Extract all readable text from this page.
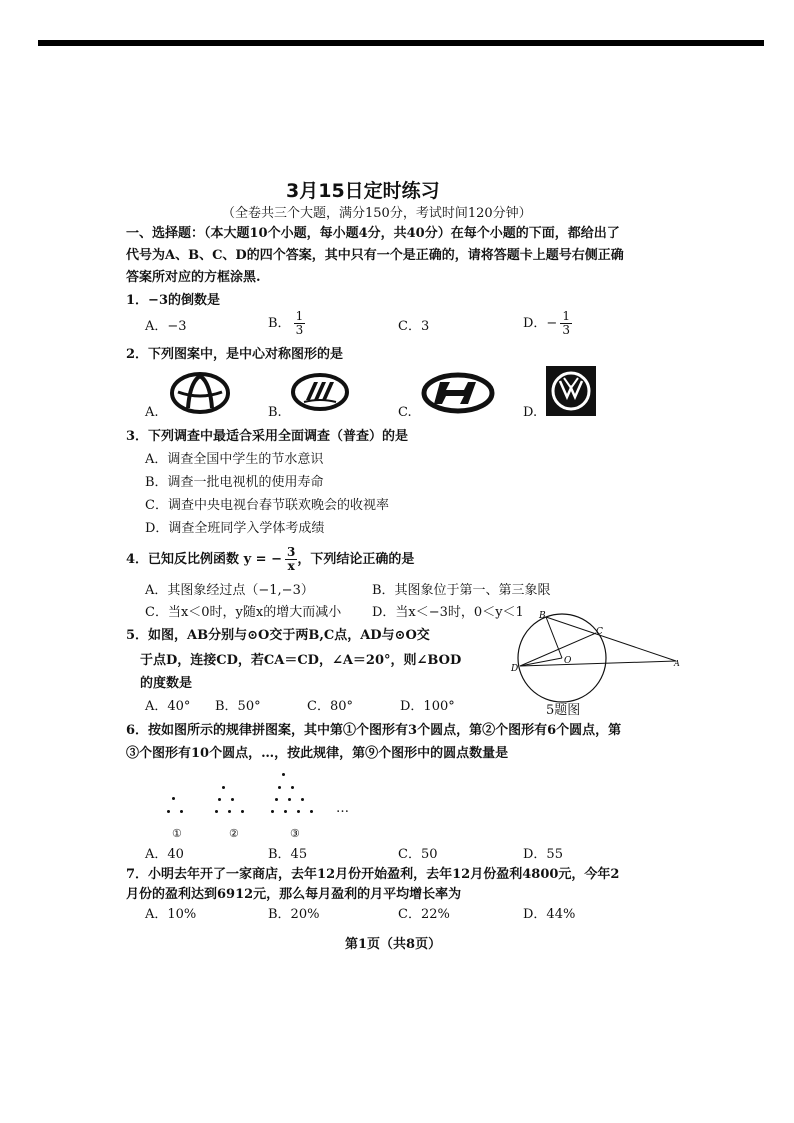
3月15日定时练习
（全卷共三个大题，满分150分，考试时间120分钟）
一、选择题：（本大题10个小题，每小题4分，共40分）在每个小题的下面，都给出了
代号为A、B、C、D的四个答案，其中只有一个是正确的，请将答题卡上题号右侧正确
答案所对应的方框涂黑.
1．−3的倒数是
A．−3	B． $\frac{1}{3}$	C．3	D．− $\frac{1}{3}$
2．下列图案中，是中心对称图形的是
A.	B.	C.	D.
3．下列调查中最适合采用全面调查（普查）的是
A．调查全国中学生的节水意识
B．调查一批电视机的使用寿命
C．调查中央电视台春节联欢晚会的收视率
D．调查全班同学入学体考成绩
4．已知反比例函数 y = − $\frac{3}{x}$ ，下列结论正确的是
A．其图象经过点（−1,−3）	B．其图象位于第一、第三象限
C．当x＜0时，y随x的增大而减小 D．当x＜−3时，0＜y＜1
5．如图，AB分别与⊙O交于两B,C点，AD与⊙O交
于点D，连接CD，若CA＝CD，∠A＝20°，则∠BOD
的度数是
A．40° B．50°	C．80°	D．100°
B
C
D
O	A
5题图
6．按如图所示的规律拼图案，其中第①个图形有3个圆点，第②个图形有6个圆点，第
③个图形有10个圆点，…，按此规律，第⑨个图形中的圆点数量是
…
①	②	③
A．40	B．45	C．50	D．55
7．小明去年开了一家商店，去年12月份开始盈利，去年12月份盈利4800元，今年2
月份的盈利达到6912元，那么每月盈利的月平均增长率为
A．10%	B．20%	C．22%	D．44%
第1页（共8页）
